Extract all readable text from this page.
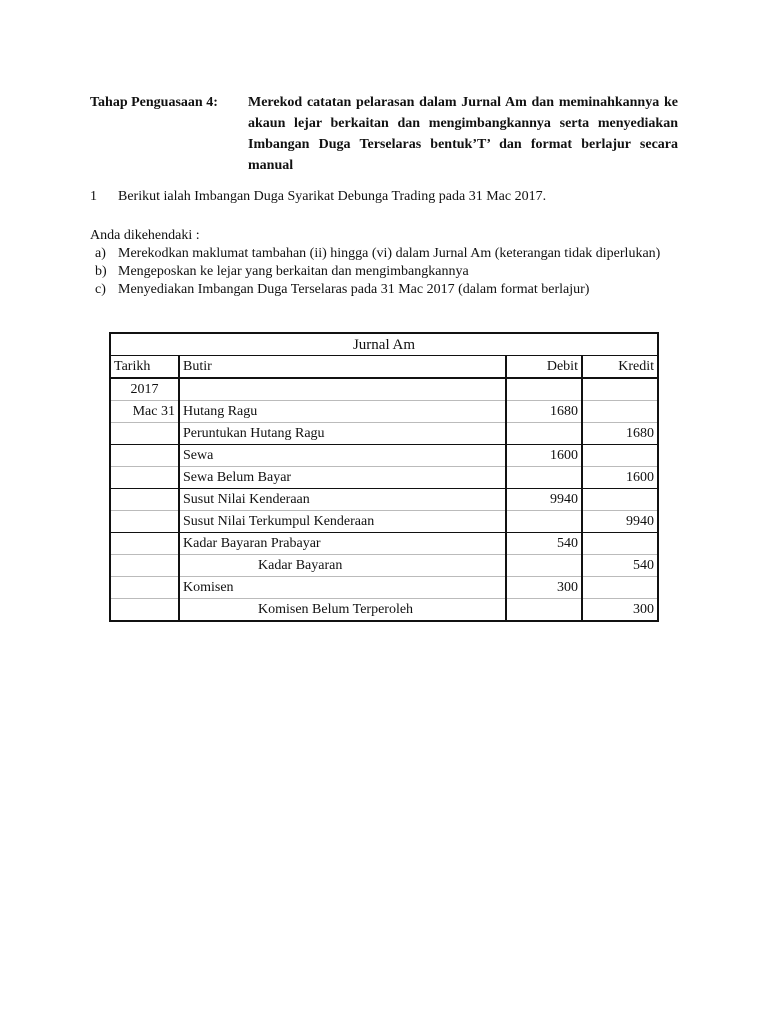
Tahap Penguasaan 4: Merekod catatan pelarasan dalam Jurnal Am dan meminahkannya ke akaun lejar berkaitan dan mengimbangkannya serta menyediakan Imbangan Duga Terselaras bentuk’T’ dan format berlajur secara manual
1 Berikut ialah Imbangan Duga Syarikat Debunga Trading pada 31 Mac 2017.
Anda dikehendaki :
a) Merekodkan maklumat tambahan (ii) hingga (vi) dalam Jurnal Am (keterangan tidak diperlukan)
b) Mengeposkan ke lejar yang berkaitan dan mengimbangkannya
c) Menyediakan Imbangan Duga Terselaras pada 31 Mac 2017 (dalam format berlajur)
Jurnal Am			
Tarikh	Butir	Debit	Kredit
2017			
Mac 31	Hutang Ragu	1680	
	Peruntukan Hutang Ragu		1680
	Sewa	1600	
	Sewa Belum Bayar		1600
	Susut Nilai Kenderaan	9940	
	Susut Nilai Terkumpul Kenderaan		9940
	Kadar Bayaran Prabayar	540	
	Kadar Bayaran		540
	Komisen	300	
	Komisen Belum Terperoleh		300
